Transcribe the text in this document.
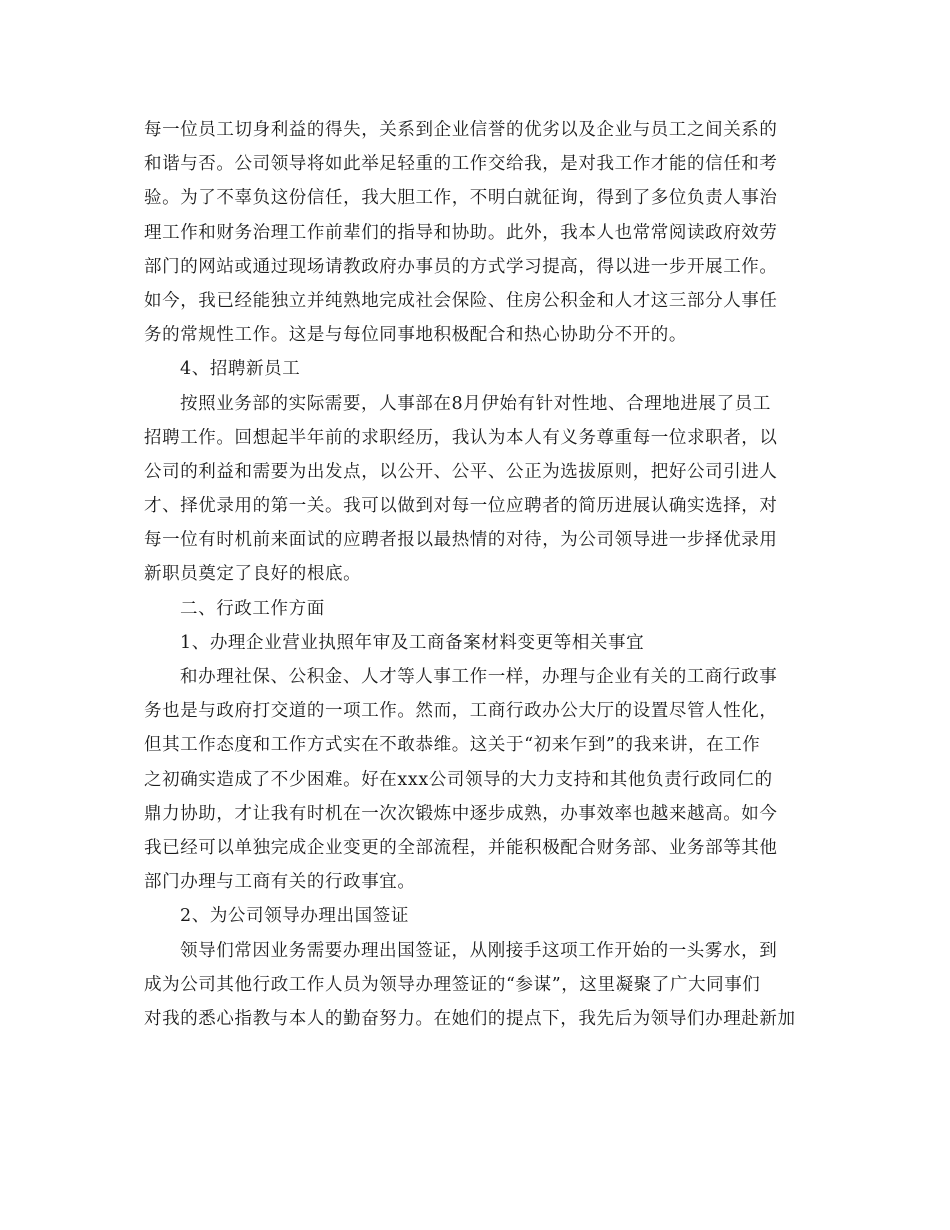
每一位员工切身利益的得失，关系到企业信誉的优劣以及企业与员工之间关系的
和谐与否。公司领导将如此举足轻重的工作交给我，是对我工作才能的信任和考
验。为了不辜负这份信任，我大胆工作，不明白就征询，得到了多位负责人事治
理工作和财务治理工作前辈们的指导和协助。此外，我本人也常常阅读政府效劳
部门的网站或通过现场请教政府办事员的方式学习提高，得以进一步开展工作。
如今，我已经能独立并纯熟地完成社会保险、住房公积金和人才这三部分人事任
务的常规性工作。这是与每位同事地积极配合和热心协助分不开的。
4、招聘新员工
按照业务部的实际需要，人事部在8月伊始有针对性地、合理地进展了员工
招聘工作。回想起半年前的求职经历，我认为本人有义务尊重每一位求职者，以
公司的利益和需要为出发点，以公开、公平、公正为选拔原则，把好公司引进人
才、择优录用的第一关。我可以做到对每一位应聘者的简历进展认确实选择，对
每一位有时机前来面试的应聘者报以最热情的对待，为公司领导进一步择优录用
新职员奠定了良好的根底。
二、行政工作方面
1、办理企业营业执照年审及工商备案材料变更等相关事宜
和办理社保、公积金、人才等人事工作一样，办理与企业有关的工商行政事
务也是与政府打交道的一项工作。然而，工商行政办公大厅的设置尽管人性化，
但其工作态度和工作方式实在不敢恭维。这关于“初来乍到”的我来讲，在工作
之初确实造成了不少困难。好在xxx公司领导的大力支持和其他负责行政同仁的
鼎力协助，才让我有时机在一次次锻炼中逐步成熟，办事效率也越来越高。如今
我已经可以单独完成企业变更的全部流程，并能积极配合财务部、业务部等其他
部门办理与工商有关的行政事宜。
2、为公司领导办理出国签证
领导们常因业务需要办理出国签证，从刚接手这项工作开始的一头雾水，到
成为公司其他行政工作人员为领导办理签证的“参谋”，这里凝聚了广大同事们
对我的悉心指教与本人的勤奋努力。在她们的提点下，我先后为领导们办理赴新加
